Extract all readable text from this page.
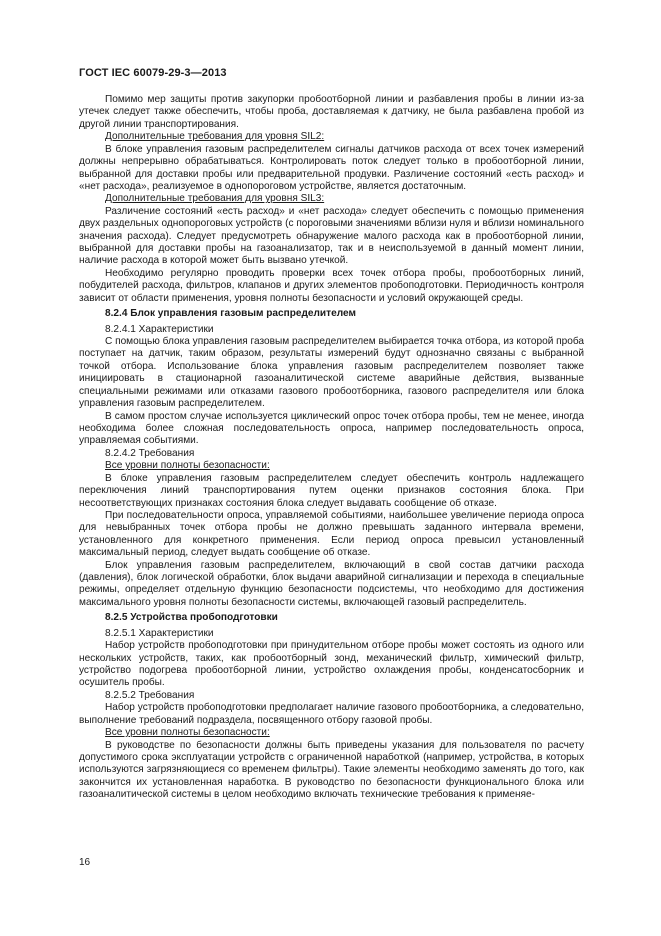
ГОСТ IEC 60079-29-3—2013

Помимо мер защиты против закупорки пробоотборной линии и разбавления пробы в линии из-за утечек следует также обеспечить, чтобы проба, доставляемая к датчику, не была разбавлена пробой из другой линии транспортирования.

Дополнительные требования для уровня SIL2:

В блоке управления газовым распределителем сигналы датчиков расхода от всех точек измерений должны непрерывно обрабатываться. Контролировать поток следует только в пробоотборной линии, выбранной для доставки пробы или предварительной продувки. Различение состояний «есть расход» и «нет расхода», реализуемое в однопороговом устройстве, является достаточным.

Дополнительные требования для уровня SIL3:

Различение состояний «есть расход» и «нет расхода» следует обеспечить с помощью применения двух раздельных однопороговых устройств (с пороговыми значениями вблизи нуля и вблизи номинального значения расхода). Следует предусмотреть обнаружение малого расхода как в пробоотборной линии, выбранной для доставки пробы на газоанализатор, так и в неиспользуемой в данный момент линии, наличие расхода в которой может быть вызвано утечкой.

Необходимо регулярно проводить проверки всех точек отбора пробы, пробоотборных линий, побудителей расхода, фильтров, клапанов и других элементов пробоподготовки. Периодичность контроля зависит от области применения, уровня полноты безопасности и условий окружающей среды.

8.2.4 Блок управления газовым распределителем

8.2.4.1 Характеристики

С помощью блока управления газовым распределителем выбирается точка отбора, из которой проба поступает на датчик, таким образом, результаты измерений будут однозначно связаны с выбранной точкой отбора. Использование блока управления газовым распределителем позволяет также инициировать в стационарной газоаналитической системе аварийные действия, вызванные специальными режимами или отказами газового пробоотборника, газового распределителя или блока управления газовым распределителем.

В самом простом случае используется циклический опрос точек отбора пробы, тем не менее, иногда необходима более сложная последовательность опроса, например последовательность опроса, управляемая событиями.

8.2.4.2 Требования

Все уровни полноты безопасности:

В блоке управления газовым распределителем следует обеспечить контроль надлежащего переключения линий транспортирования путем оценки признаков состояния блока. При несоответствующих признаках состояния блока следует выдавать сообщение об отказе.

При последовательности опроса, управляемой событиями, наибольшее увеличение периода опроса для невыбранных точек отбора пробы не должно превышать заданного интервала времени, установленного для конкретного применения. Если период опроса превысил установленный максимальный период, следует выдать сообщение об отказе.

Блок управления газовым распределителем, включающий в свой состав датчики расхода (давления), блок логической обработки, блок выдачи аварийной сигнализации и перехода в специальные режимы, определяет отдельную функцию безопасности подсистемы, что необходимо для достижения максимального уровня полноты безопасности системы, включающей газовый распределитель.

8.2.5 Устройства пробоподготовки

8.2.5.1 Характеристики

Набор устройств пробоподготовки при принудительном отборе пробы может состоять из одного или нескольких устройств, таких, как пробоотборный зонд, механический фильтр, химический фильтр, устройство подогрева пробоотборной линии, устройство охлаждения пробы, конденсатосборник и осушитель пробы.

8.2.5.2 Требования

Набор устройств пробоподготовки предполагает наличие газового пробоотборника, а следовательно, выполнение требований подраздела, посвященного отбору газовой пробы.

Все уровни полноты безопасности:

В руководстве по безопасности должны быть приведены указания для пользователя по расчету допустимого срока эксплуатации устройств с ограниченной наработкой (например, устройства, в которых используются загрязняющиеся со временем фильтры). Такие элементы необходимо заменять до того, как закончится их установленная наработка. В руководство по безопасности функционального блока или газоаналитической системы в целом необходимо включать технические требования к применяе-

16
